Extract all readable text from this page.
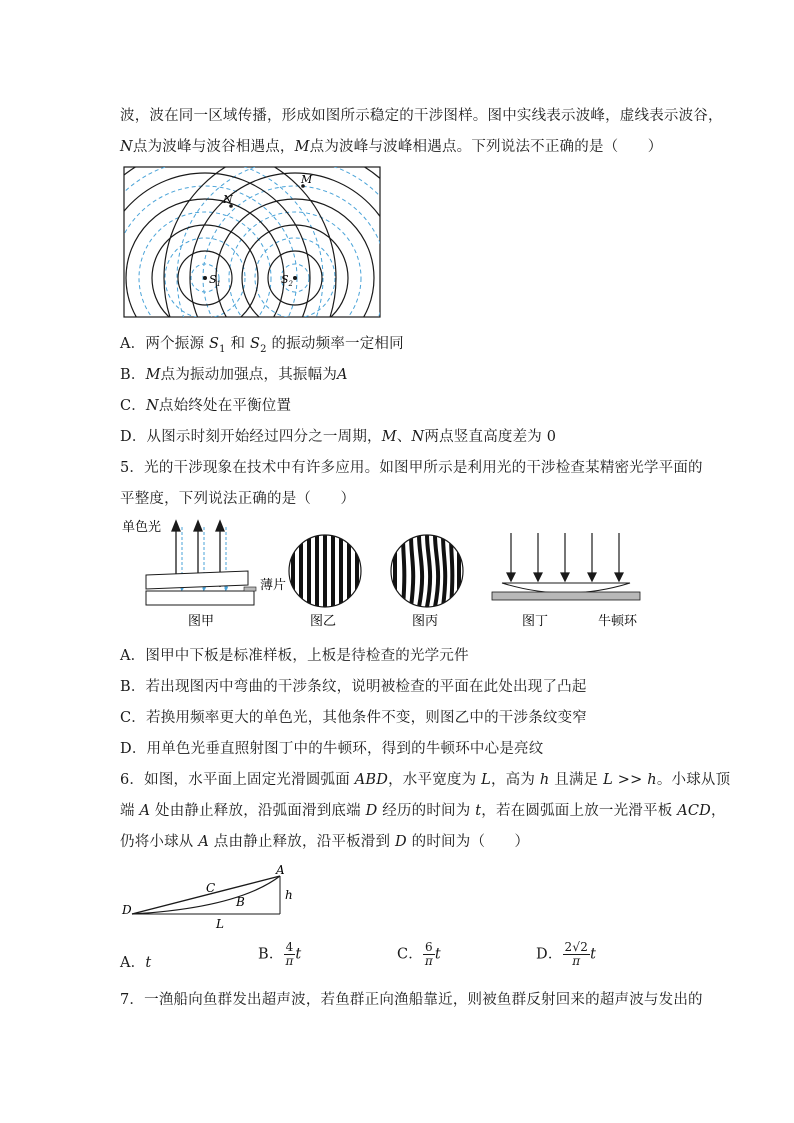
波，波在同一区域传播，形成如图所示稳定的干涉图样。图中实线表示波峰，虚线表示波谷，
N点为波峰与波谷相遇点，M点为波峰与波峰相遇点。下列说法不正确的是（　　）
N
M
$S_1$	$S_2$
A．两个振源 $S_1$ 和 $S_2$ 的振动频率一定相同
B．M点为振动加强点，其振幅为A
C．N点始终处在平衡位置
D．从图示时刻开始经过四分之一周期，M、N两点竖直高度差为 0
5．光的干涉现象在技术中有许多应用。如图甲所示是利用光的干涉检查某精密光学平面的
平整度，下列说法正确的是（　　）
单色光
薄片
图甲	图乙	图丙	图丁	牛顿环
A．图甲中下板是标准样板，上板是待检查的光学元件
B．若出现图丙中弯曲的干涉条纹，说明被检查的平面在此处出现了凸起
C．若换用频率更大的单色光，其他条件不变，则图乙中的干涉条纹变窄
D．用单色光垂直照射图丁中的牛顿环，得到的牛顿环中心是亮纹
6．如图，水平面上固定光滑圆弧面 ABD，水平宽度为 L，高为 h 且满足 L >> h。小球从顶
端 A 处由静止释放，沿弧面滑到底端 D 经历的时间为 t，若在圆弧面上放一光滑平板 ACD，
仍将小球从 A 点由静止释放，沿平板滑到 D 的时间为（　　）
D
A
B
C	h
L
A．t
B． $\frac{4}{\pi}$ t	C． $\frac{6}{\pi}$ t	D． $\frac{2√2}{\pi}$ t
7．一渔船向鱼群发出超声波，若鱼群正向渔船靠近，则被鱼群反射回来的超声波与发出的
